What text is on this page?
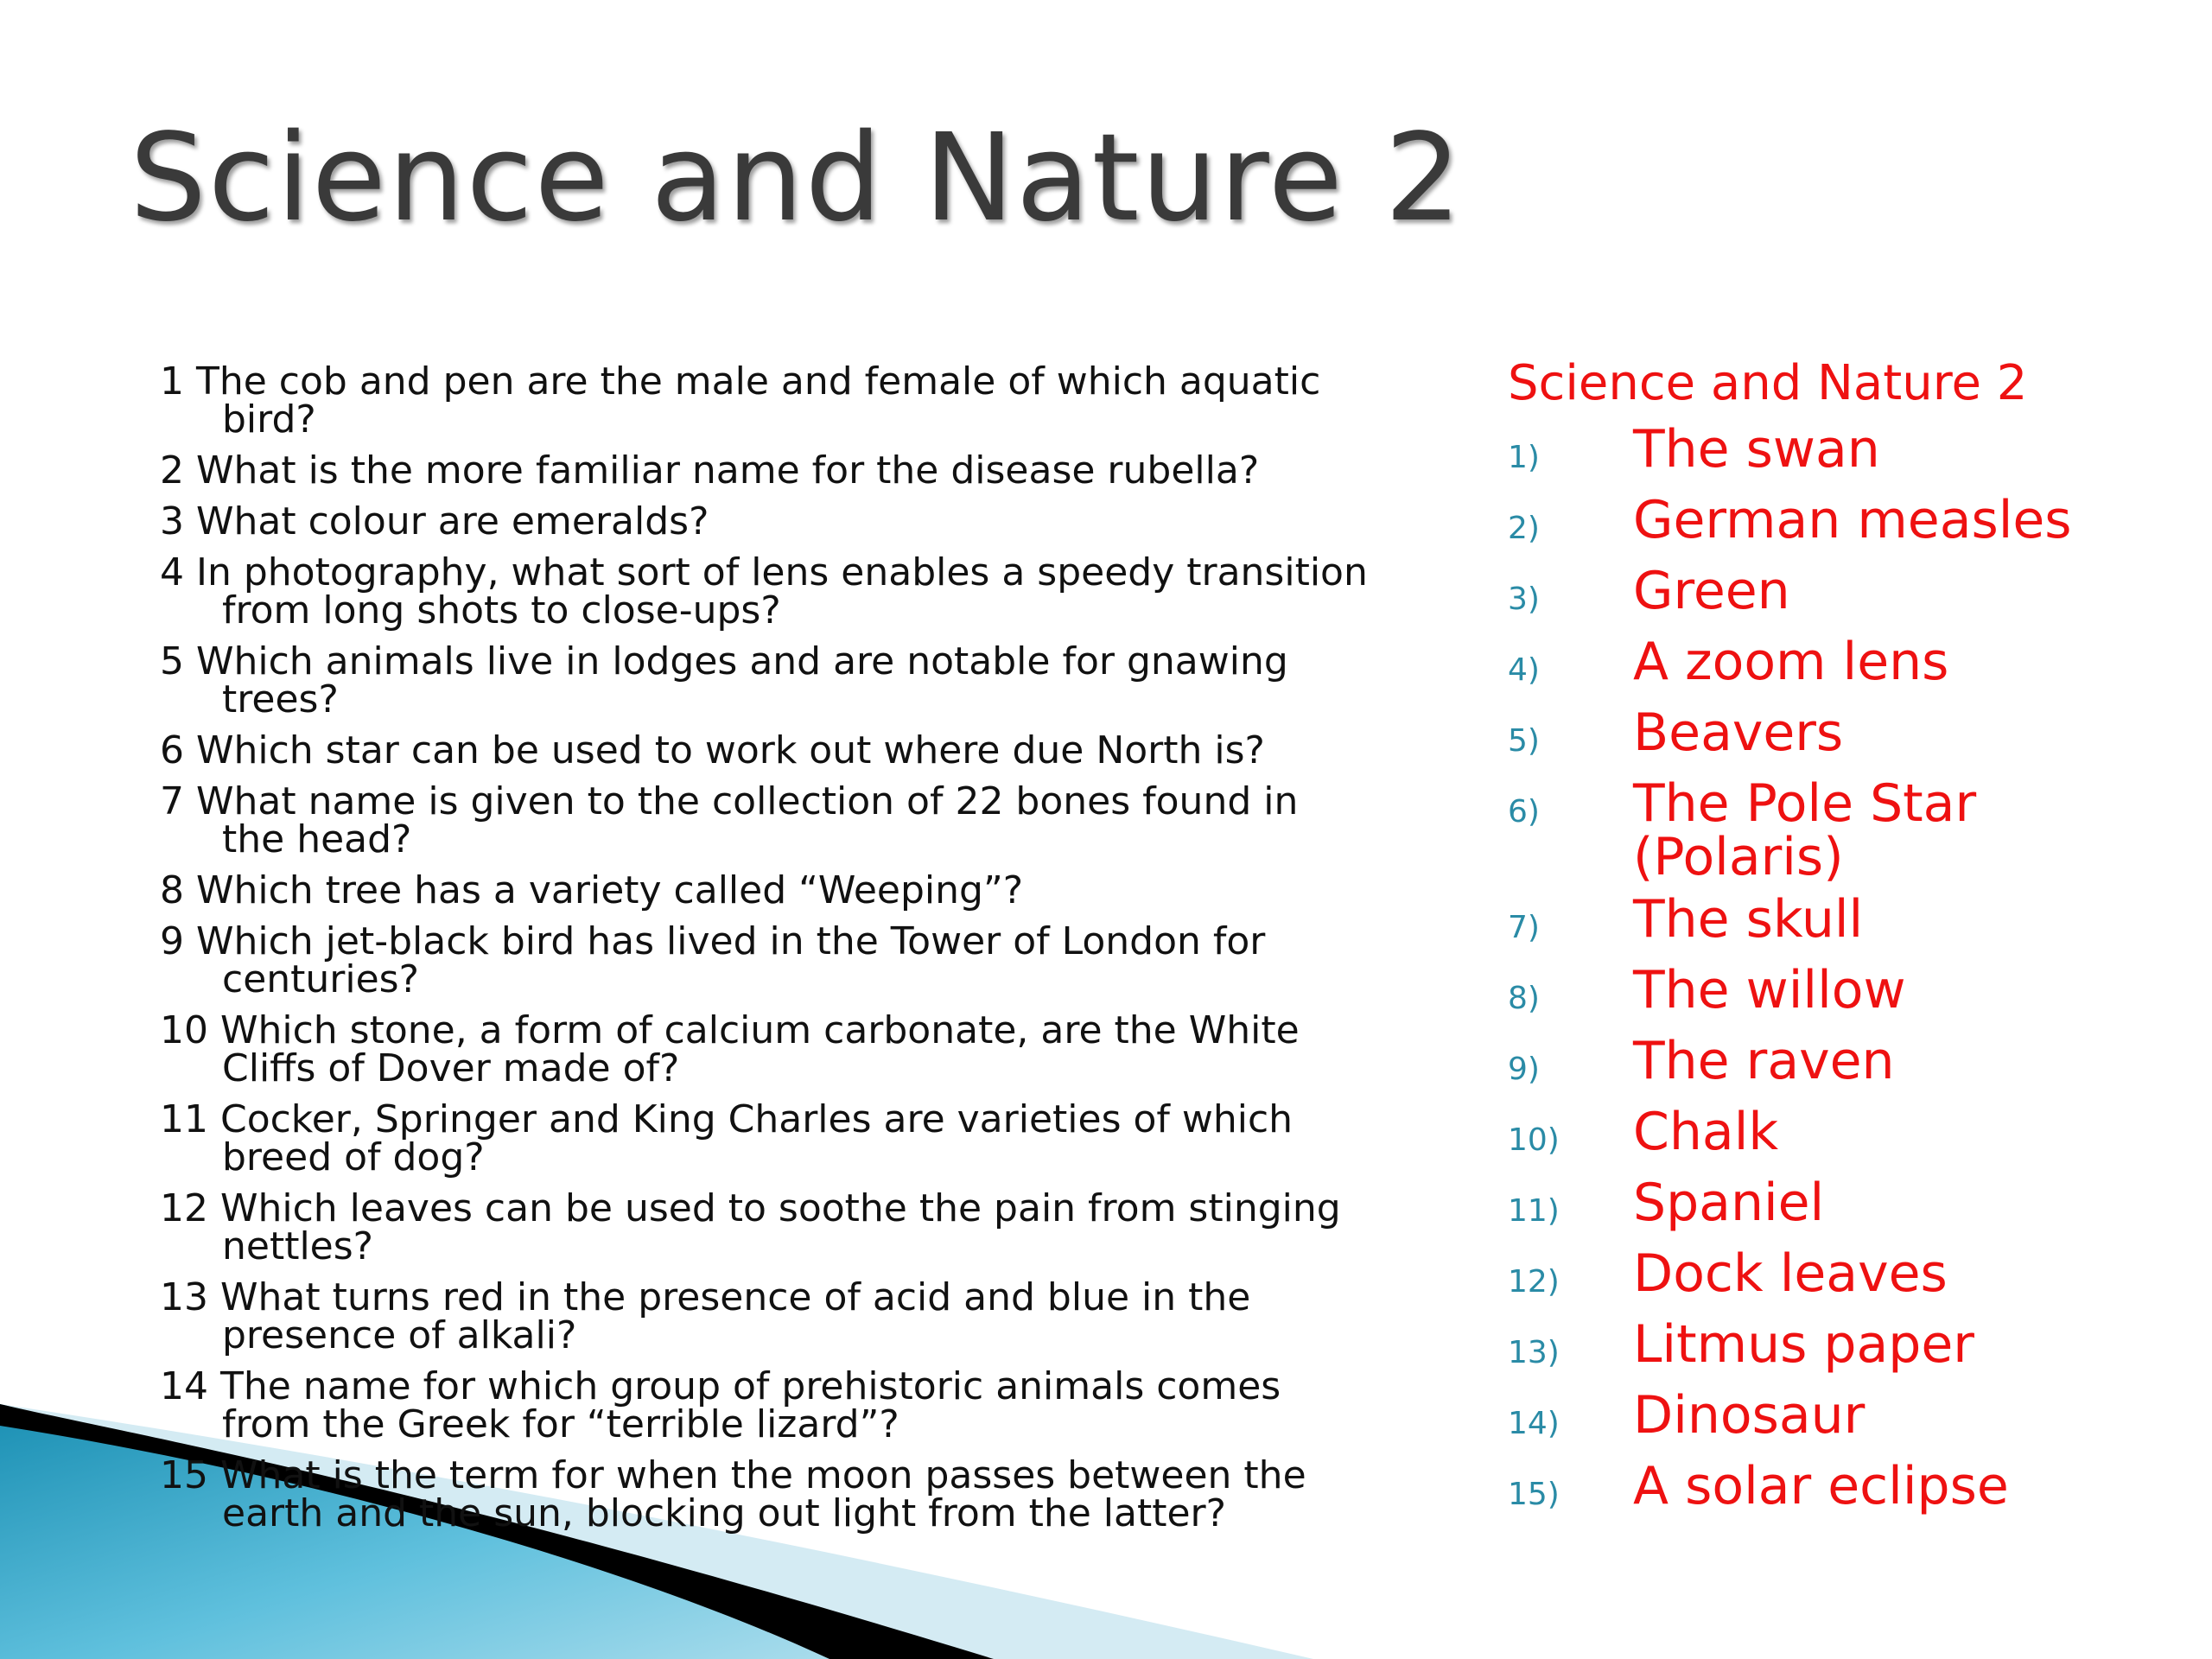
Science and Nature 2
1 The cob and pen are the male and female of which aquatic bird?
2 What is the more familiar name for the disease rubella?
3 What colour are emeralds?
4 In photography, what sort of lens enables a speedy transition from long shots to close-ups?
5 Which animals live in lodges and are notable for gnawing trees?
6 Which star can be used to work out where due North is?
7 What name is given to the collection of 22 bones found in the head?
8 Which tree has a variety called “Weeping”?
9 Which jet-black bird has lived in the Tower of London for centuries?
10 Which stone, a form of calcium carbonate, are the White Cliffs of Dover made of?
11 Cocker, Springer and King Charles are varieties of which breed of dog?
12 Which leaves can be used to soothe the pain from stinging nettles?
13 What turns red in the presence of acid and blue in the presence of alkali?
14 The name for which group of prehistoric animals comes from the Greek for “terrible lizard”?
15 What is the term for when the moon passes between the earth and the sun, blocking out light from the latter?
Science and Nature 2
1)	The swan
2)	German measles
3)	Green
4)	A zoom lens
5)	Beavers
6)	The Pole Star (Polaris)
7)	The skull
8)	The willow
9)	The raven
10)	Chalk
11)	Spaniel
12)	Dock leaves
13)	Litmus paper
14)	Dinosaur
15)	A solar eclipse
